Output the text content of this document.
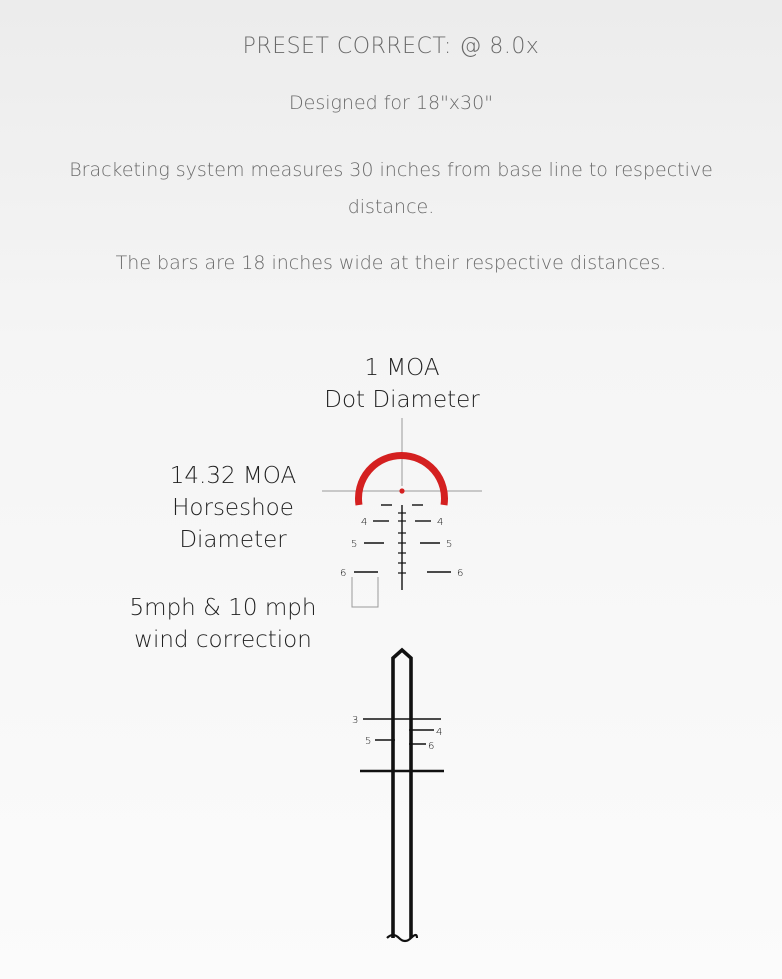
PRESET CORRECT: @ 8.0x

Designed for 18"x30"

Bracketing system measures 30 inches from base line to respective distance.

The bars are 18 inches wide at their respective distances.

1 MOA
Dot Diameter
14.32 MOA
Horseshoe
Diameter
5mph & 10 mph
wind correction
4	4
5	5
6	6
3
4
5	6
